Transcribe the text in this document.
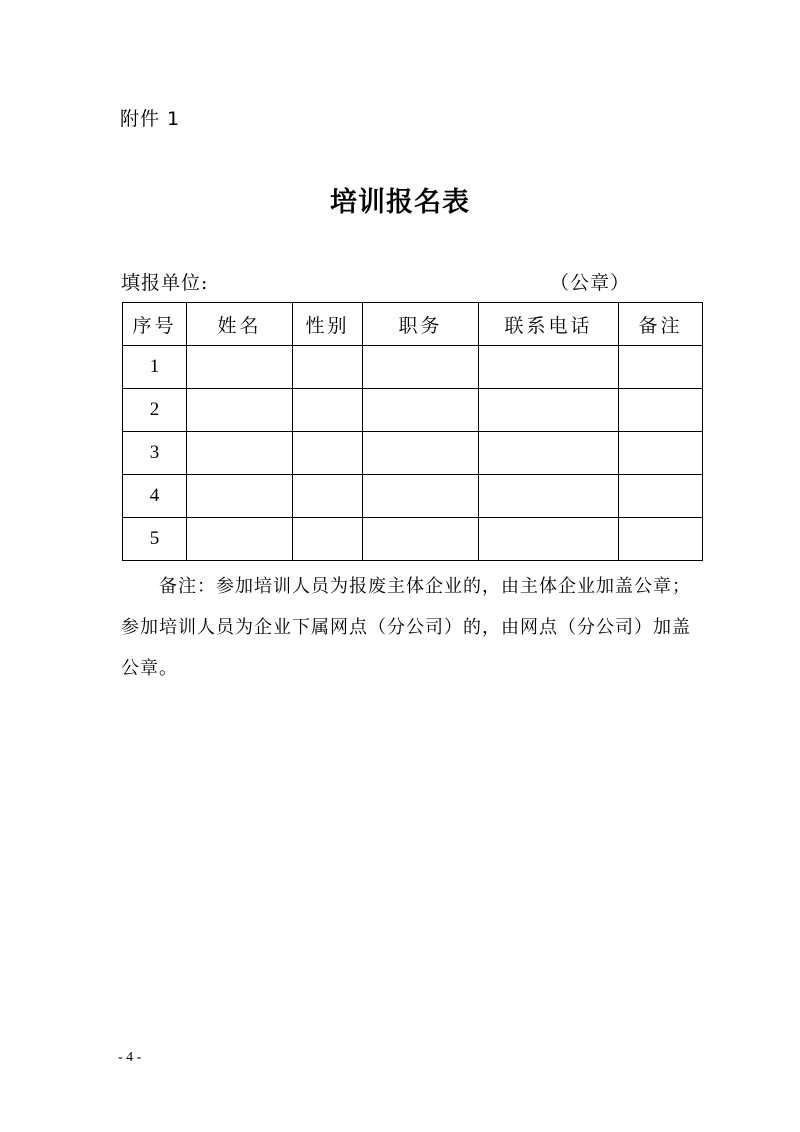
附件 1
培训报名表
填报单位:	（公章）
序号	姓名	性别	职务	联系电话	备注
1					
2					
3					
4					
5					
备注：参加培训人员为报废主体企业的，由主体企业加盖公章；参加培训人员为企业下属网点（分公司）的，由网点（分公司）加盖公章。
- 4 -
